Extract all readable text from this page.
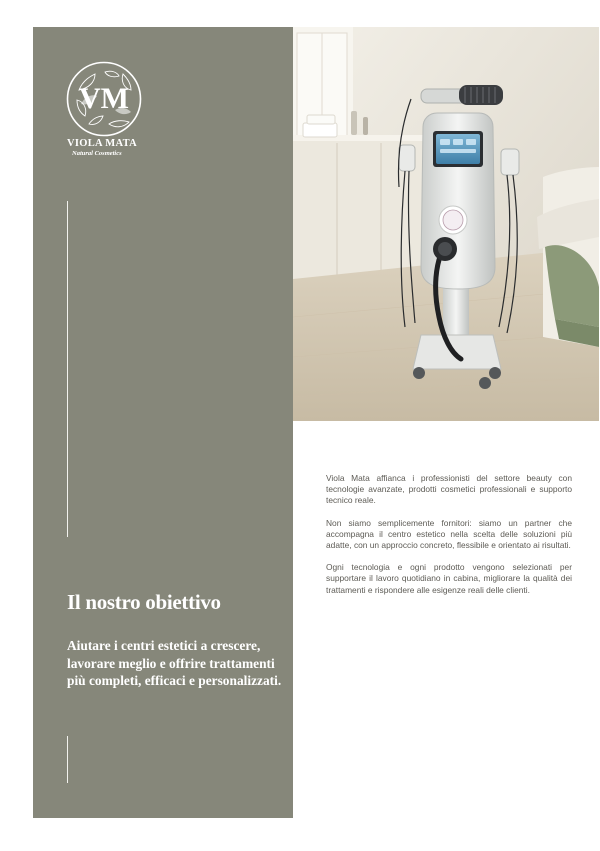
VM
VIOLA MATA
Natural Cosmetics
Il nostro obiettivo

Aiutare i centri estetici a crescere, lavorare meglio e offrire trattamenti più completi, efficaci e personalizzati.

Viola Mata affianca i professionisti del settore beauty con tecnologie avanzate, prodotti cosmetici professionali e supporto tecnico reale.

Non siamo semplicemente fornitori: siamo un partner che accompagna il centro estetico nella scelta delle soluzioni più adatte, con un approccio concreto, flessibile e orientato ai risultati.

Ogni tecnologia e ogni prodotto vengono selezionati per supportare il lavoro quotidiano in cabina, migliorare la qualità dei trattamenti e rispondere alle esigenze reali delle clienti.
